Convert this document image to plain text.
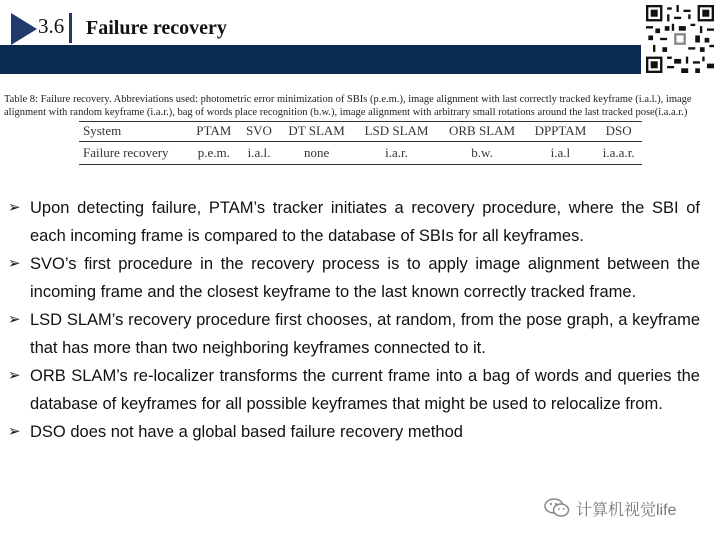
3.6 Failure recovery
Table 8: Failure recovery. Abbreviations used: photometric error minimization of SBIs (p.e.m.), image alignment with last correctly tracked keyframe (i.a.l.), image alignment with random keyframe (i.a.r.), bag of words place recognition (b.w.), image alignment with arbitrary small rotations around the last tracked pose(i.a.a.r.)
System	PTAM	SVO	DT SLAM	LSD SLAM	ORB SLAM	DPPTAM	DSO
Failure recovery	p.e.m.	i.a.l.	none	i.a.r.	b.w.	i.a.l	i.a.a.r.
➢ Upon detecting failure, PTAM’s tracker initiates a recovery procedure, where the SBI of each incoming frame is compared to the database of SBIs for all keyframes.
➢ SVO’s first procedure in the recovery process is to apply image alignment between the incoming frame and the closest keyframe to the last known correctly tracked frame.
➢ LSD SLAM’s recovery procedure first chooses, at random, from the pose graph, a keyframe that has more than two neighboring keyframes connected to it.
➢ ORB SLAM’s re-localizer transforms the current frame into a bag of words and queries the database of keyframes for all possible keyframes that might be used to relocalize from.
➢ DSO does not have a global based failure recovery method
计算机视觉life
